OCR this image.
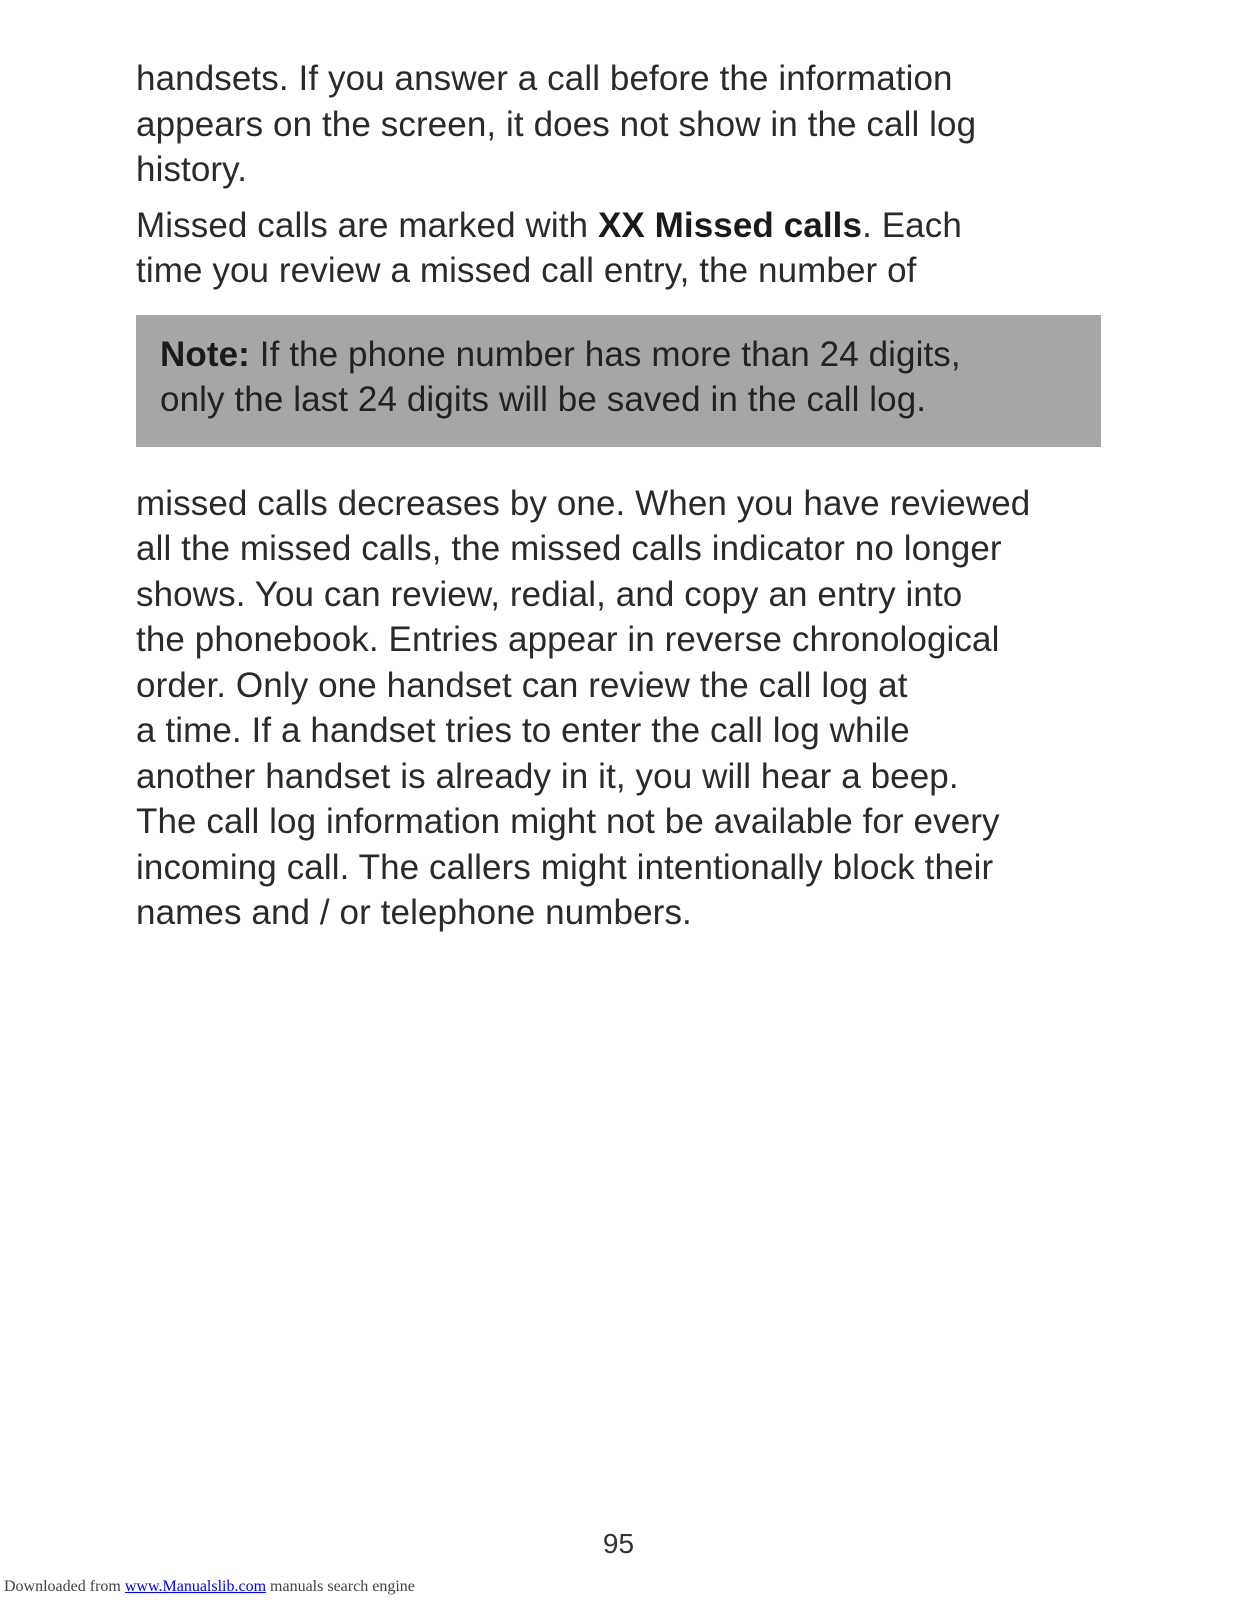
handsets. If you answer a call before the information
appears on the screen, it does not show in the call log
history.

Missed calls are marked with XX Missed calls. Each
time you review a missed call entry, the number of

Note: If the phone number has more than 24 digits,
only the last 24 digits will be saved in the call log.

missed calls decreases by one. When you have reviewed
all the missed calls, the missed calls indicator no longer
shows. You can review, redial, and copy an entry into
the phonebook. Entries appear in reverse chronological
order. Only one handset can review the call log at
a time. If a handset tries to enter the call log while
another handset is already in it, you will hear a beep.
The call log information might not be available for every
incoming call. The callers might intentionally block their
names and / or telephone numbers.

95
Downloaded from www.Manualslib.com manuals search engine
